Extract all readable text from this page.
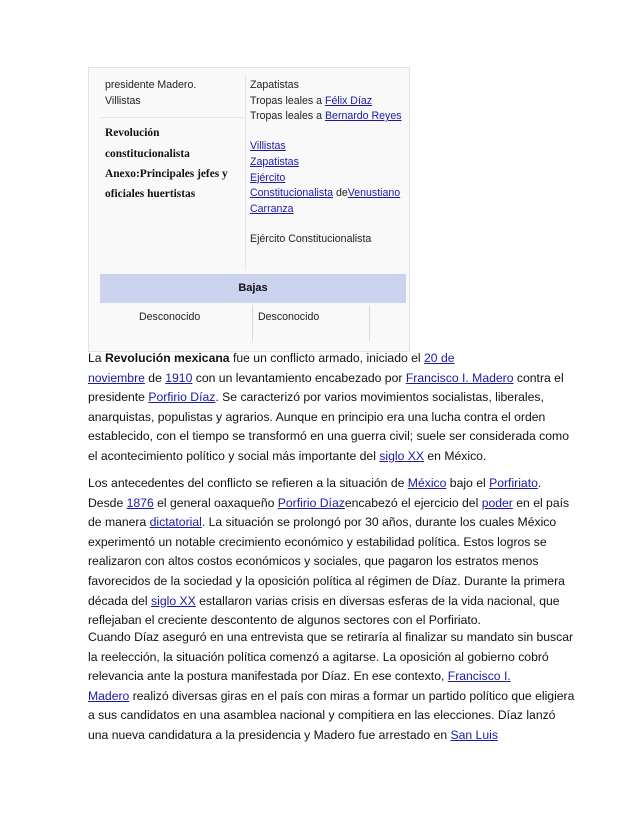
presidente Madero.
Villistas
Revolución
constitucionalista
Anexo:Principales jefes y
oficiales huertistas
Zapatistas
Tropas leales a Félix Díaz
Tropas leales a Bernardo Reyes
Villistas
Zapatistas
Ejército
Constitucionalista deVenustiano
Carranza
Ejército Constitucionalista
Bajas
Desconocido	Desconocido
La Revolución mexicana fue un conflicto armado, iniciado el 20 de
noviembre de 1910 con un levantamiento encabezado por Francisco I. Madero contra el
presidente Porfirio Díaz. Se caracterizó por varios movimientos socialistas, liberales,
anarquistas, populistas y agrarios. Aunque en principio era una lucha contra el orden
establecido, con el tiempo se transformó en una guerra civil; suele ser considerada como
el acontecimiento político y social más importante del siglo XX en México.
Los antecedentes del conflicto se refieren a la situación de México bajo el Porfiriato.
Desde 1876 el general oaxaqueño Porfirio Díazencabezó el ejercicio del poder en el país
de manera dictatorial. La situación se prolongó por 30 años, durante los cuales México
experimentó un notable crecimiento económico y estabilidad política. Estos logros se
realizaron con altos costos económicos y sociales, que pagaron los estratos menos
favorecidos de la sociedad y la oposición política al régimen de Díaz. Durante la primera
década del siglo XX estallaron varias crisis en diversas esferas de la vida nacional, que
reflejaban el creciente descontento de algunos sectores con el Porfiriato.
Cuando Díaz aseguró en una entrevista que se retiraría al finalizar su mandato sin buscar
la reelección, la situación política comenzó a agitarse. La oposición al gobierno cobró
relevancia ante la postura manifestada por Díaz. En ese contexto, Francisco I.
Madero realizó diversas giras en el país con miras a formar un partido político que eligiera
a sus candidatos en una asamblea nacional y compitiera en las elecciones. Díaz lanzó
una nueva candidatura a la presidencia y Madero fue arrestado en San Luis
